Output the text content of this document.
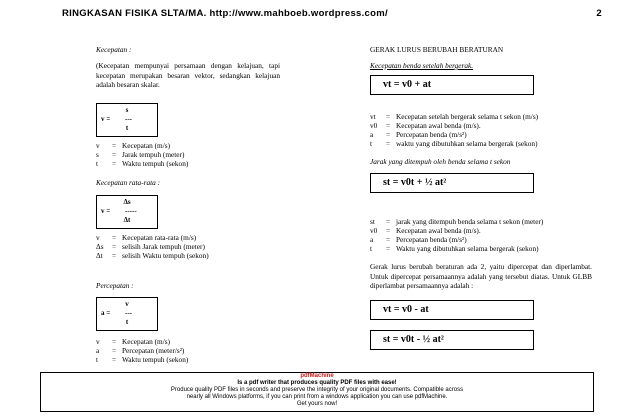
RINGKASAN FISIKA SLTA/MA. http://www.mahboeb.wordpress.com/	2
Kecepatan :

(Kecepatan mempunyai persamaan dengan kelajuan, tapi kecepatan merupakan besaran vektor, sedangkan kelajuan adalah besaran skalar.

s
v = ---
t
v = Kecepatan (m/s)
s = Jarak tempuh (meter)
t = Waktu tempuh (sekon)
Kecepatan rata-rata :
Δs
v = -----
Δt
v = Kecepatan rata-rata (m/s)
Δs = selisih Jarak tempuh (meter)
Δt = selisih Waktu tempuh (sekon)
Percepatan :
v
a = ---
t
v = Kecepatan (m/s)
a = Percepatan (meter/s²)
t = Waktu tempuh (sekon)
GERAK LURUS BERUBAH BERATURAN
Kecepatan benda setelah bergerak.
vt = v0 + at
vt = Kecepatan setelah bergerak selama t sekon (m/s)
v0 = Kecepatan awal benda (m/s).
a = Percepatan benda (m/s²)
t = waktu yang dibutuhkan selama bergerak (sekon)
Jarak yang ditempuh oleh benda selama t sekon
st = v0t + ½ at²
st = jarak yang ditempuh benda selama t sekon (meter)
v0 = Kecepatan awal benda (m/s).
a = Percepatan benda (m/s²)
t = Waktu yang dibutuhkan selama bergerak (sekon)

Gerak lurus berubah beraturan ada 2, yaitu dipercepat dan diperlambat. Untuk dipercepat persamaannya adalah yang tersebut diatas. Untuk GLBB diperlambat persamaannya adalah :

vt = v0 - at
st = v0t - ½ at²
pdfMachine
Is a pdf writer that produces quality PDF files with ease!
Produce quality PDF files in seconds and preserve the integrity of your original documents. Compatible across
nearly all Windows platforms, if you can print from a windows application you can use pdfMachine.
Get yours now!
